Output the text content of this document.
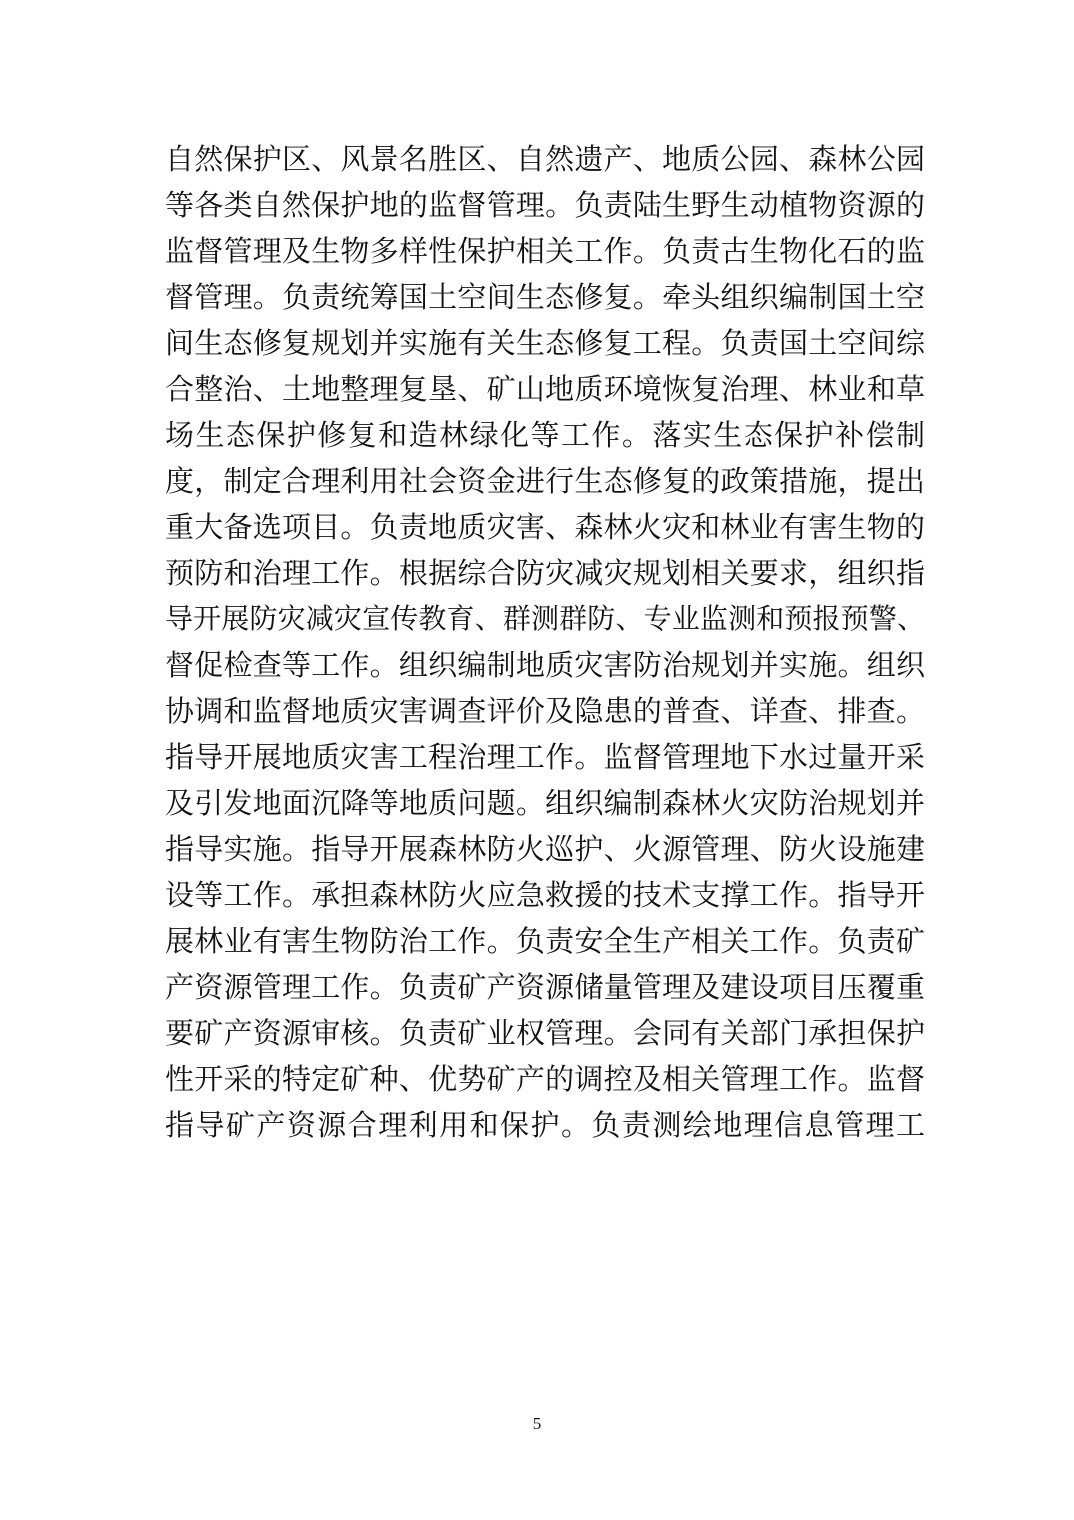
自然保护区、风景名胜区、自然遗产、地质公园、森林公园
等各类自然保护地的监督管理。负责陆生野生动植物资源的
监督管理及生物多样性保护相关工作。负责古生物化石的监
督管理。负责统筹国土空间生态修复。牵头组织编制国土空
间生态修复规划并实施有关生态修复工程。负责国土空间综
合整治、土地整理复垦、矿山地质环境恢复治理、林业和草
场生态保护修复和造林绿化等工作。落实生态保护补偿制
度，制定合理利用社会资金进行生态修复的政策措施，提出
重大备选项目。负责地质灾害、森林火灾和林业有害生物的
预防和治理工作。根据综合防灾减灾规划相关要求，组织指
导开展防灾减灾宣传教育、群测群防、专业监测和预报预警、
督促检查等工作。组织编制地质灾害防治规划并实施。组织
协调和监督地质灾害调查评价及隐患的普查、详查、排查。
指导开展地质灾害工程治理工作。监督管理地下水过量开采
及引发地面沉降等地质问题。组织编制森林火灾防治规划并
指导实施。指导开展森林防火巡护、火源管理、防火设施建
设等工作。承担森林防火应急救援的技术支撑工作。指导开
展林业有害生物防治工作。负责安全生产相关工作。负责矿
产资源管理工作。负责矿产资源储量管理及建设项目压覆重
要矿产资源审核。负责矿业权管理。会同有关部门承担保护
性开采的特定矿种、优势矿产的调控及相关管理工作。监督
指导矿产资源合理利用和保护。负责测绘地理信息管理工
5
